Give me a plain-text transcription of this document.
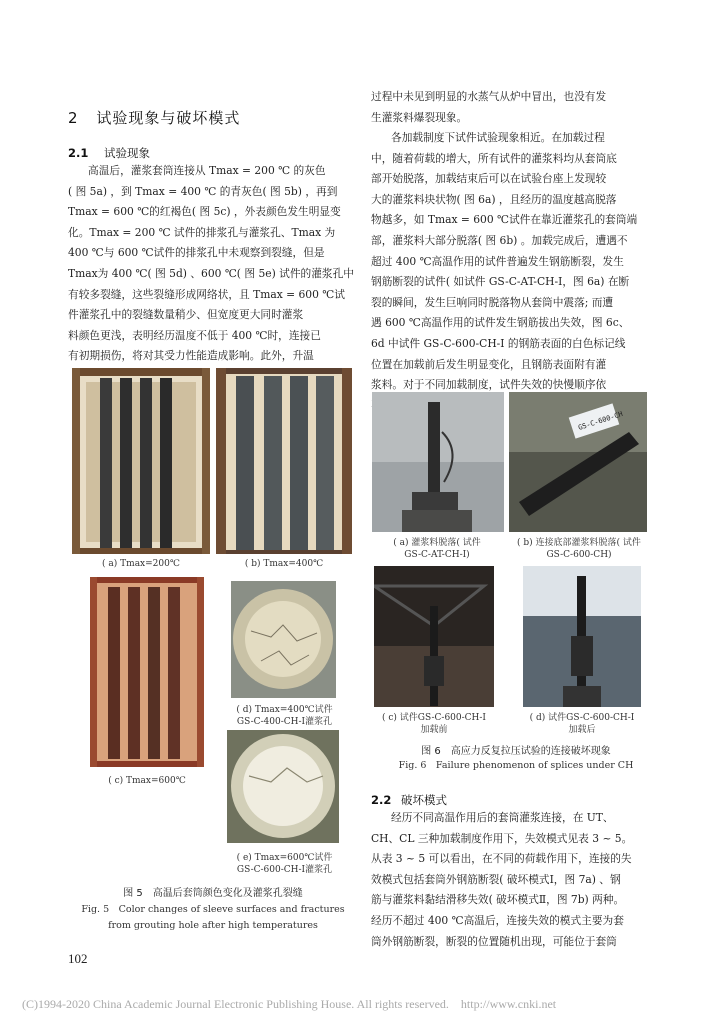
2 试验现象与破坏模式
2.1 试验现象
高温后，灌浆套筒连接从 Tmax = 200 ℃ 的灰色
( 图 5a) ，到 Tmax = 400 ℃ 的青灰色( 图 5b) ，再到
Tmax = 600 ℃的红褐色( 图 5c) ，外表颜色发生明显变
化。Tmax = 200 ℃ 试件的排浆孔与灌浆孔、Tmax 为
400 ℃与 600 ℃试件的排浆孔中未观察到裂缝，但是
Tmax为 400 ℃( 图 5d) 、600 ℃( 图 5e) 试件的灌浆孔中
有较多裂缝，这些裂缝形成网络状，且 Tmax = 600 ℃试
件灌浆孔中的裂缝数量稍少、但宽度更大同时灌浆
料颜色更浅，表明经历温度不低于 400 ℃时，连接已
有初期损伤，将对其受力性能造成影响。此外，升温
( a) Tmax=200℃	( b) Tmax=400℃
( c) Tmax=600℃
( d) Tmax=400℃试件
GS-C-400-CH-I灌浆孔
( e) Tmax=600℃试件
GS-C-600-CH-I灌浆孔
图 5　高温后套筒颜色变化及灌浆孔裂缝
Fig. 5　Color changes of sleeve surfaces and fractures
from grouting hole after high temperatures
102
过程中未见到明显的水蒸气从炉中冒出，也没有发
生灌浆料爆裂现象。
各加载制度下试件试验现象相近。在加载过程
中，随着荷载的增大，所有试件的灌浆料均从套筒底
部开始脱落，加载结束后可以在试验台座上发现较
大的灌浆料块状物( 图 6a) ，且经历的温度越高脱落
物越多，如 Tmax = 600 ℃试件在靠近灌浆孔的套筒端
部，灌浆料大部分脱落( 图 6b) 。加载完成后，遭遇不
超过 400 ℃高温作用的试件普遍发生钢筋断裂，发生
钢筋断裂的试件( 如试件 GS-C-AT-CH-I，图 6a) 在断
裂的瞬间，发生巨响同时脱落物从套筒中震落; 而遭
遇 600 ℃高温作用的试件发生钢筋拔出失效，图 6c、
6d 中试件 GS-C-600-CH-I 的钢筋表面的白色标记线
位置在加载前后发生明显变化，且钢筋表面附有灌
浆料。对于不同加载制度，试件失效的快慢顺序依
GS-C-600-CH
( a) 灌浆料脱落( 试件
GS-C-AT-CH-I)
( b) 连接底部灌浆料脱落( 试件
GS-C-600-CH)
( c) 试件GS-C-600-CH-I
加载前
( d) 试件GS-C-600-CH-I
加载后
图 6　高应力反复拉压试验的连接破坏现象
Fig. 6　Failure phenomenon of splices under CH
2.2 破坏模式
经历不同高温作用后的套筒灌浆连接，在 UT、
CH、CL 三种加载制度作用下，失效模式见表 3 ~ 5。
从表 3 ~ 5 可以看出，在不同的荷载作用下，连接的失
效模式包括套筒外钢筋断裂( 破坏模式Ⅰ，图 7a) 、钢
筋与灌浆料黏结滑移失效( 破坏模式Ⅱ，图 7b) 两种。
经历不超过 400 ℃高温后，连接失效的模式主要为套
筒外钢筋断裂，断裂的位置随机出现，可能位于套筒
(C)1994-2020 China Academic Journal Electronic Publishing House. All rights reserved.　http://www.cnki.net
